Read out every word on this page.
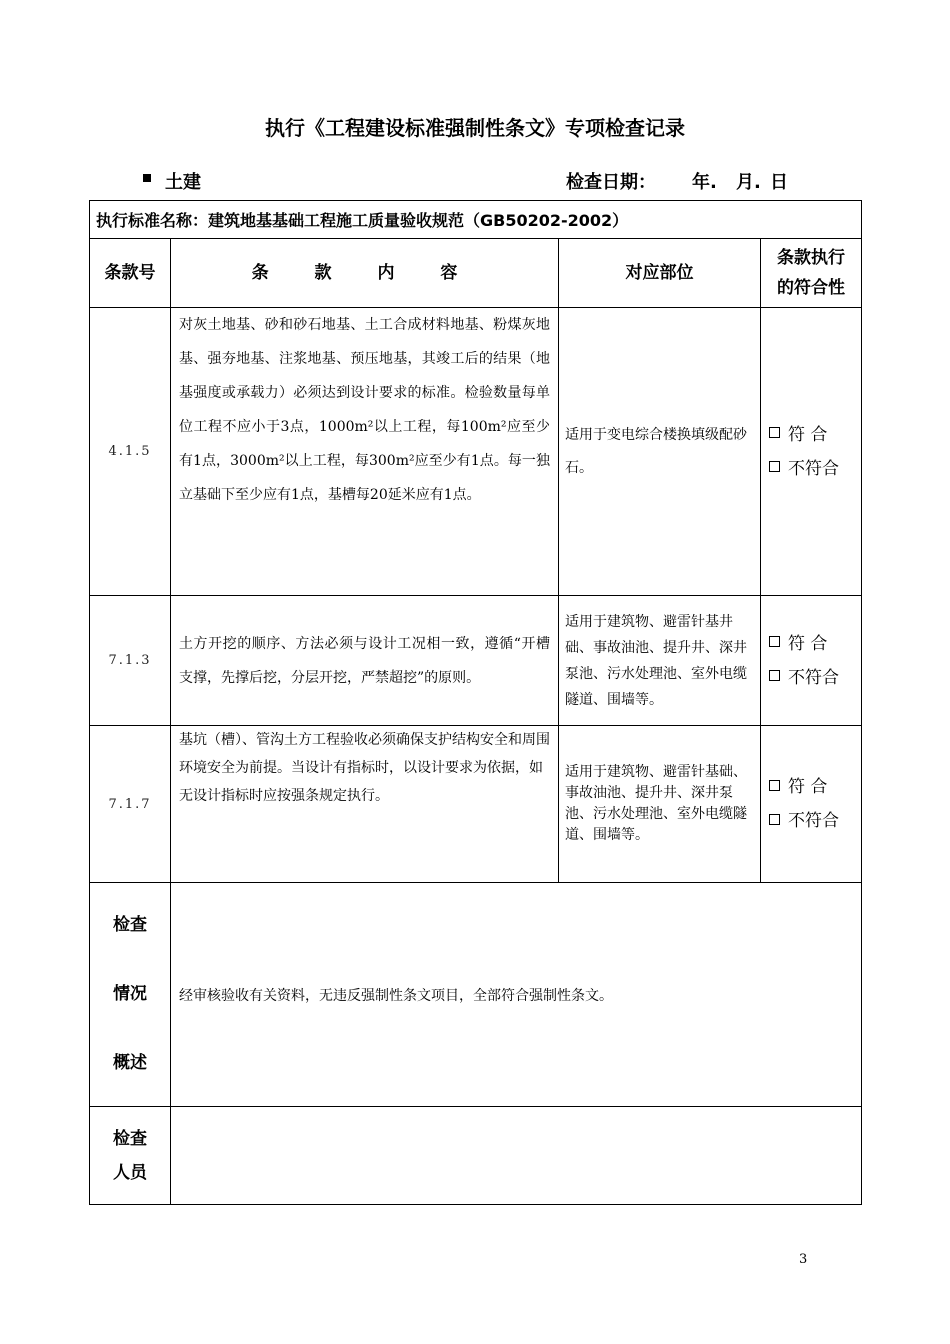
执行《工程建设标准强制性条文》专项检查记录
土建	检查日期： 年. 月. 日
执行标准名称：建筑地基基础工程施工质量验收规范（GB50202-2002）			
条款号	条 款 内 容	对应部位	条款执行
的符合性

4.1.5	对灰土地基、砂和砂石地基、土工合成材料地基、粉煤灰地基、强夯地基、注浆地基、预压地基，其竣工后的结果（地基强度或承载力）必须达到设计要求的标准。检验数量每单位工程不应小于3点，1000m²以上工程，每100m²应至少有1点，3000m²以上工程，每300m²应至少有1点。每一独立基础下至少应有1点，基槽每20延米应有1点。	适用于变电综合楼换填级配砂石。	符 合
不符合

7.1.3	土方开挖的顺序、方法必须与设计工况相一致，遵循“开槽支撑，先撑后挖，分层开挖，严禁超挖”的原则。	适用于建筑物、避雷针基井础、事故油池、提升井、深井泵池、污水处理池、室外电缆隧道、围墙等。	符 合
不符合

7.1.7	基坑（槽）、管沟土方工程验收必须确保支护结构安全和周围环境安全为前提。当设计有指标时，以设计要求为依据，如无设计指标时应按强条规定执行。	适用于建筑物、避雷针基础、事故油池、提升井、深井泵池、污水处理池、室外电缆隧道、围墙等。	符 合
不符合

检查
情况
概述	经审核验收有关资料，无违反强制性条文项目，全部符合强制性条文。		

检查
人员			

3
